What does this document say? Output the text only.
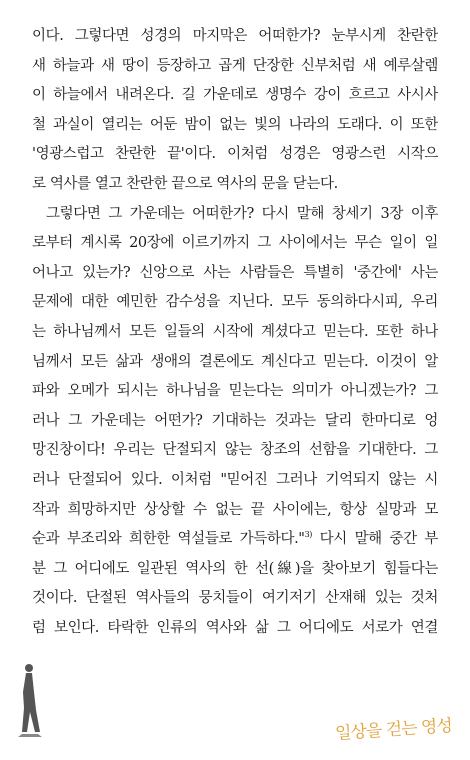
이다. 그렇다면 성경의 마지막은 어떠한가? 눈부시게 찬란한
새 하늘과 새 땅이 등장하고 곱게 단장한 신부처럼 새 예루살렘
이 하늘에서 내려온다. 길 가운데로 생명수 강이 흐르고 사시사
철 과실이 열리는 어둔 밤이 없는 빛의 나라의 도래다. 이 또한
'영광스럽고 찬란한 끝'이다. 이처럼 성경은 영광스런 시작으
로 역사를 열고 찬란한 끝으로 역사의 문을 닫는다.
그렇다면 그 가운데는 어떠한가? 다시 말해 창세기 3장 이후
로부터 계시록 20장에 이르기까지 그 사이에서는 무슨 일이 일
어나고 있는가? 신앙으로 사는 사람들은 특별히 '중간에' 사는
문제에 대한 예민한 감수성을 지닌다. 모두 동의하다시피, 우리
는 하나님께서 모든 일들의 시작에 계셨다고 믿는다. 또한 하나
님께서 모든 삶과 생애의 결론에도 계신다고 믿는다. 이것이 알
파와 오메가 되시는 하나님을 믿는다는 의미가 아니겠는가? 그
러나 그 가운데는 어떤가? 기대하는 것과는 달리 한마디로 엉
망진창이다! 우리는 단절되지 않는 창조의 선함을 기대한다. 그
러나 단절되어 있다. 이처럼 "믿어진 그러나 기억되지 않는 시
작과 희망하지만 상상할 수 없는 끝 사이에는, 항상 실망과 모
순과 부조리와 희한한 역설들로 가득하다."$^{3)}$ 다시 말해 중간 부
분 그 어디에도 일관된 역사의 한 선(線)을 찾아보기 힘들다는
것이다. 단절된 역사들의 뭉치들이 여기저기 산재해 있는 것처
럼 보인다. 타락한 인류의 역사와 삶 그 어디에도 서로가 연결
일상을 걷는 영성
